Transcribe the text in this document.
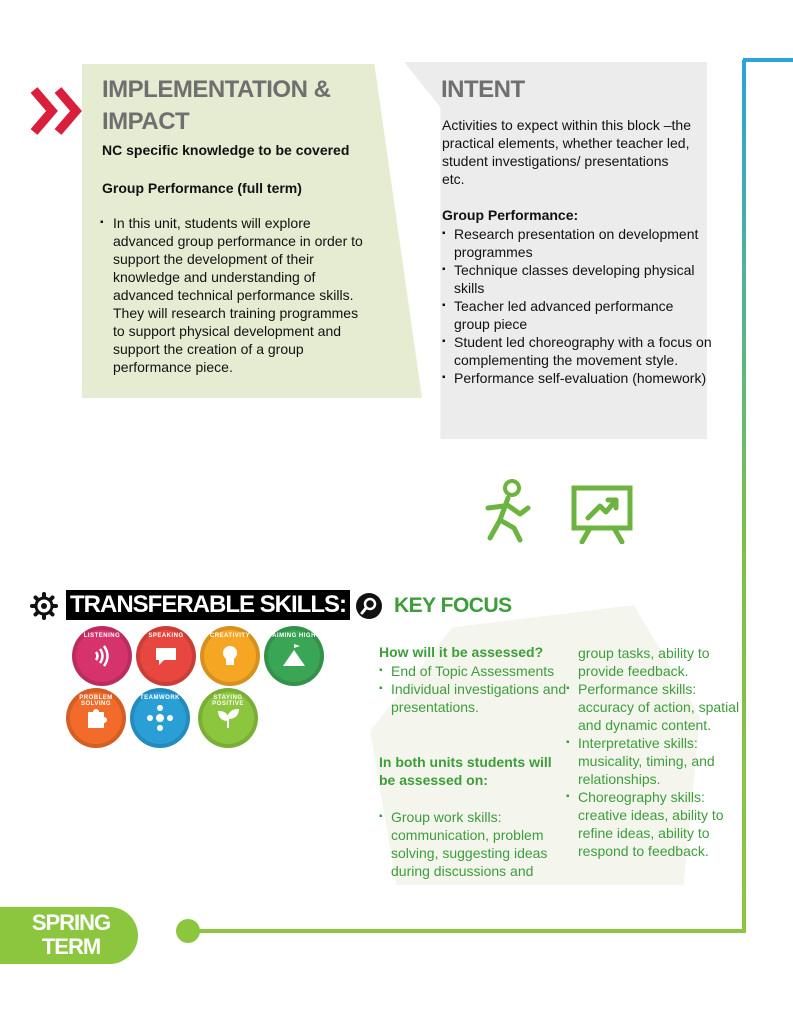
IMPLEMENTATION & IMPACT
NC specific knowledge to be covered
Group Performance (full term)
▪ In this unit, students will explore advanced group performance in order to support the development of their knowledge and understanding of advanced technical performance skills. They will research training programmes to support physical development and support the creation of a group performance piece.
INTENT
Activities to expect within this block –the practical elements, whether teacher led, student investigations/ presentations etc.
Group Performance:
▪ Research presentation on development programmes
▪ Technique classes developing physical skills
▪ Teacher led advanced performance group piece
▪ Student led choreography with a focus on complementing the movement style.
▪ Performance self-evaluation (homework)
TRANSFERABLE SKILLS:
LISTENING	SPEAKING	CREATIVITY	AIMING HIGH
PROBLEM SOLVING
TEAMWORK	STAYING POSITIVE
KEY FOCUS
How will it be assessed?
▪ End of Topic Assessments
▪ Individual investigations and presentations.
In both units students will be assessed on:
▪ Group work skills: communication, problem solving, suggesting ideas during discussions and
group tasks, ability to provide feedback.
▪ Performance skills: accuracy of action, spatial and dynamic content.
▪ Interpretative skills: musicality, timing, and relationships.
▪ Choreography skills: creative ideas, ability to refine ideas, ability to respond to feedback.
SPRING
TERM
